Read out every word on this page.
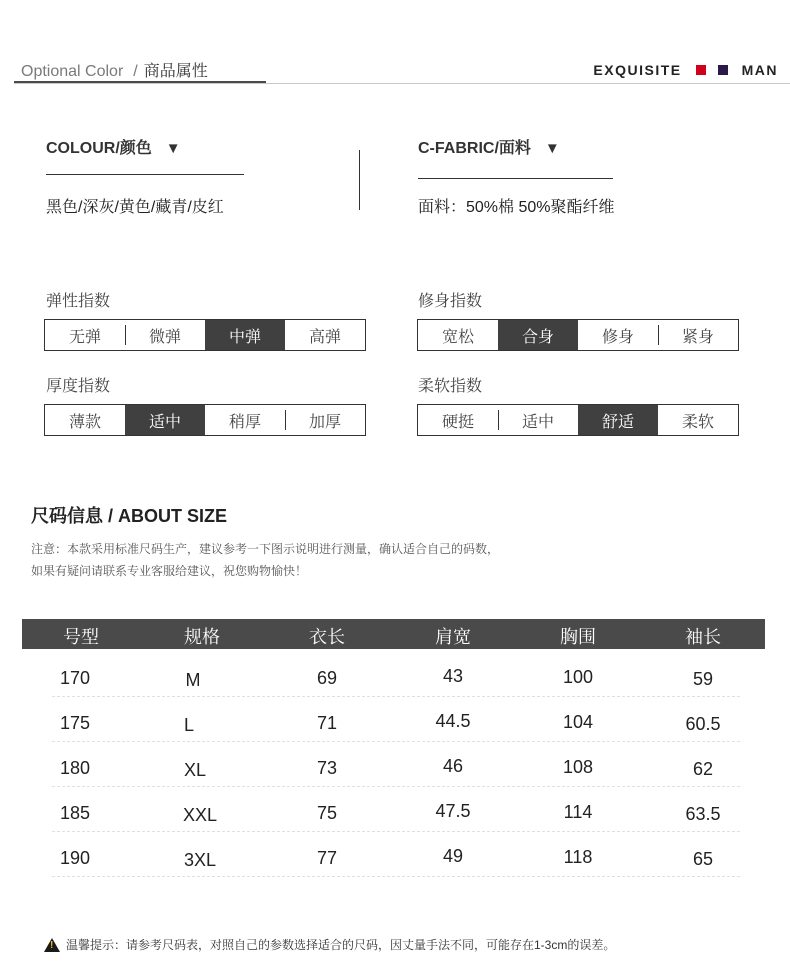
Optional Color / 商品属性	EXQUISITE	MAN
COLOUR/颜色 ▼
黑色/深灰/黄色/藏青/皮红
C-FABRIC/面料 ▼
面料：50%棉 50%聚酯纤维
弹性指数
无弹	微弹	中弹	高弹
修身指数
宽松	合身	修身	紧身
厚度指数
薄款	适中	稍厚	加厚
柔软指数
硬挺	适中	舒适	柔软
尺码信息 / ABOUT SIZE
注意：本款采用标准尺码生产，建议参考一下图示说明进行测量，确认适合自己的码数，
如果有疑问请联系专业客服给建议，祝您购物愉快！
号型	规格	衣长	肩宽	胸围	袖长
170	M	69	43	100	59
175	L	71	44.5	104	60.5
180	XL	73	46	108	62
185	XXL	75	47.5	114	63.5
190	3XL	77	49	118	65
!
温馨提示：请参考尺码表，对照自己的参数选择适合的尺码，因丈量手法不同，可能存在1-3cm的误差。
